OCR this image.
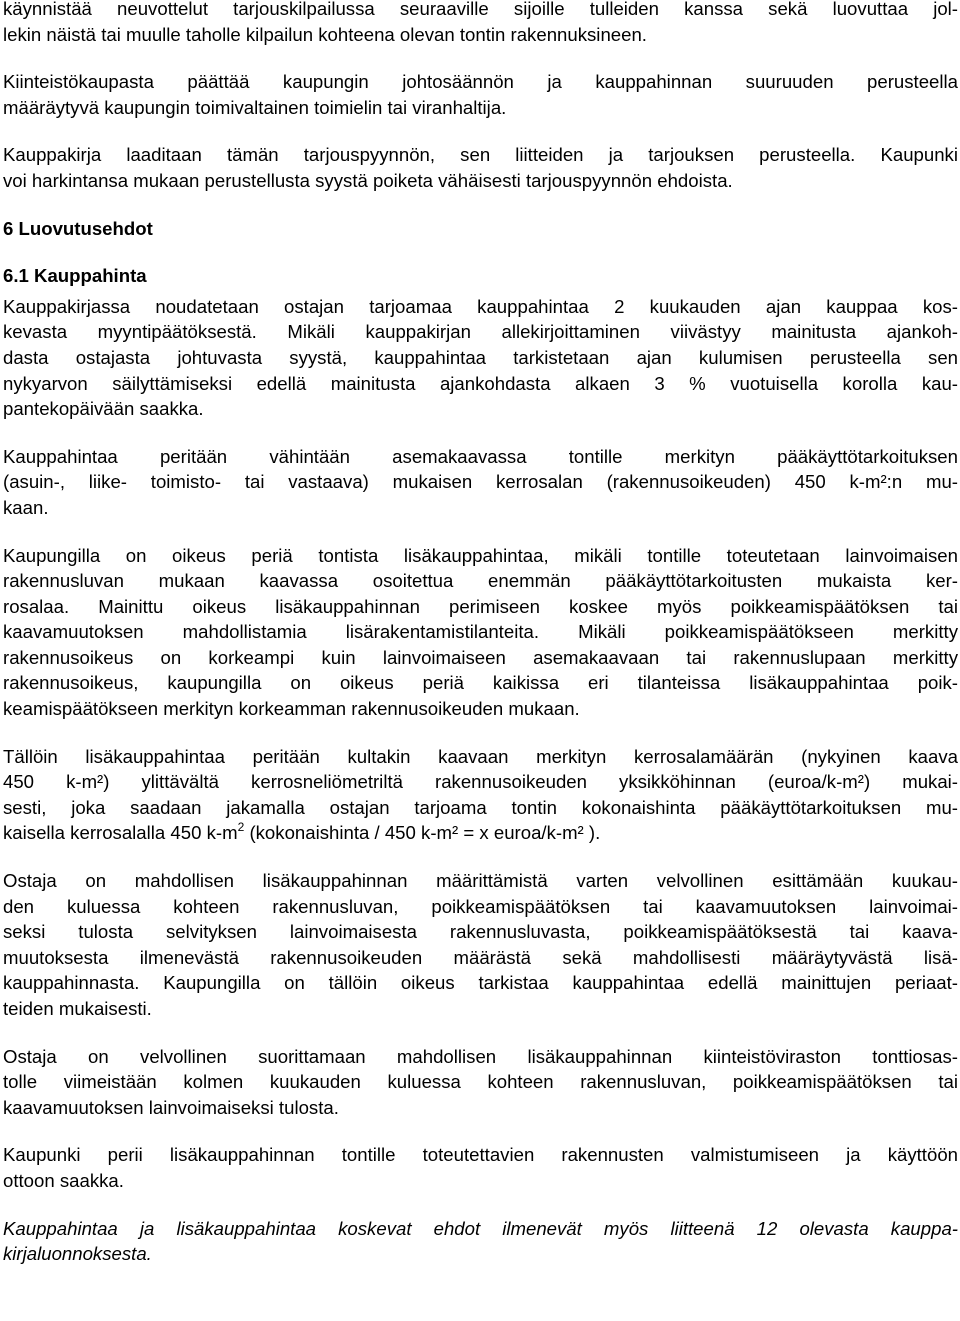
käynnistää neuvottelut tarjouskilpailussa seuraaville sijoille tulleiden kanssa sekä luovuttaa jol-
lekin näistä tai muulle taholle kilpailun kohteena olevan tontin rakennuksineen.
Kiinteistökaupasta päättää kaupungin johtosäännön ja kauppahinnan suuruuden perusteella
määräytyvä kaupungin toimivaltainen toimielin tai viranhaltija.
Kauppakirja laaditaan tämän tarjouspyynnön, sen liitteiden ja tarjouksen perusteella. Kaupunki
voi harkintansa mukaan perustellusta syystä poiketa vähäisesti tarjouspyynnön ehdoista.
6 Luovutusehdot
6.1 Kauppahinta
Kauppakirjassa noudatetaan ostajan tarjoamaa kauppahintaa 2 kuukauden ajan kauppaa kos-
kevasta myyntipäätöksestä. Mikäli kauppakirjan allekirjoittaminen viivästyy mainitusta ajankoh-
dasta ostajasta johtuvasta syystä, kauppahintaa tarkistetaan ajan kulumisen perusteella sen
nykyarvon säilyttämiseksi edellä mainitusta ajankohdasta alkaen 3 % vuotuisella korolla kau-
pantekopäivään saakka.
Kauppahintaa peritään vähintään asemakaavassa tontille merkityn pääkäyttötarkoituksen
(asuin-, liike- toimisto- tai vastaava) mukaisen kerrosalan (rakennusoikeuden) 450 k-m²:n mu-
kaan.
Kaupungilla on oikeus periä tontista lisäkauppahintaa, mikäli tontille toteutetaan lainvoimaisen
rakennusluvan mukaan kaavassa osoitettua enemmän pääkäyttötarkoitusten mukaista ker-
rosalaa. Mainittu oikeus lisäkauppahinnan perimiseen koskee myös poikkeamispäätöksen tai
kaavamuutoksen mahdollistamia lisärakentamistilanteita. Mikäli poikkeamispäätökseen merkitty
rakennusoikeus on korkeampi kuin lainvoimaiseen asemakaavaan tai rakennuslupaan merkitty
rakennusoikeus, kaupungilla on oikeus periä kaikissa eri tilanteissa lisäkauppahintaa poik-
keamispäätökseen merkityn korkeamman rakennusoikeuden mukaan.
Tällöin lisäkauppahintaa peritään kultakin kaavaan merkityn kerrosalamäärän (nykyinen kaava
450 k-m²) ylittävältä kerrosneliömetriltä rakennusoikeuden yksikköhinnan (euroa/k-m²) mukai-
sesti, joka saadaan jakamalla ostajan tarjoama tontin kokonaishinta pääkäyttötarkoituksen mu-
kaisella kerrosalalla 450 $k-m^2$ (kokonaishinta / 450 k-m² = x euroa/k-m² ).
Ostaja on mahdollisen lisäkauppahinnan määrittämistä varten velvollinen esittämään kuukau-
den kuluessa kohteen rakennusluvan, poikkeamispäätöksen tai kaavamuutoksen lainvoimai-
seksi tulosta selvityksen lainvoimaisesta rakennusluvasta, poikkeamispäätöksestä tai kaava-
muutoksesta ilmenevästä rakennusoikeuden määrästä sekä mahdollisesti määräytyvästä lisä-
kauppahinnasta. Kaupungilla on tällöin oikeus tarkistaa kauppahintaa edellä mainittujen periaat-
teiden mukaisesti.
Ostaja on velvollinen suorittamaan mahdollisen lisäkauppahinnan kiinteistöviraston tonttiosas-
tolle viimeistään kolmen kuukauden kuluessa kohteen rakennusluvan, poikkeamispäätöksen tai
kaavamuutoksen lainvoimaiseksi tulosta.
Kaupunki perii lisäkauppahinnan tontille toteutettavien rakennusten valmistumiseen ja käyttöön
ottoon saakka.
Kauppahintaa ja lisäkauppahintaa koskevat ehdot ilmenevät myös liitteenä 12 olevasta kauppa-
kirjaluonnoksesta.
